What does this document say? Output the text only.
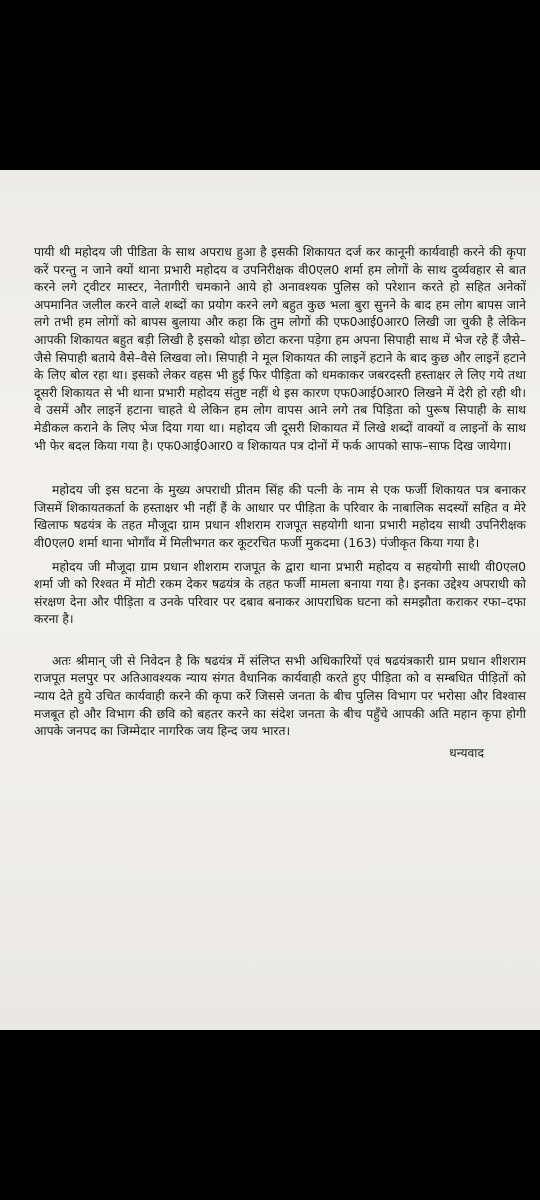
पायी थी महोदय जी पीडिता के साथ अपराध हुआ है इसकी शिकायत दर्ज कर कानूनी कार्यवाही करने की कृपा करें परन्तु न जाने क्यों थाना प्रभारी महोदय व उपनिरीक्षक वी0एल0 शर्मा हम लोगों के साथ दुर्व्यवहार से बात करने लगे ट्वीटर मास्टर, नेतागीरी चमकाने आये हो अनावश्यक पुलिस को परेशान करते हो सहित अनेकों अपमानित जलील करने वाले शब्दों का प्रयोग करने लगे बहुत कुछ भला बुरा सुनने के बाद हम लोग बापस जाने लगे तभी हम लोगों को बापस बुलाया और कहा कि तुम लोगों की एफ0आई0आर0 लिखी जा चुकी है लेकिन आपकी शिकायत बहुत बड़ी लिखी है इसको थोड़ा छोटा करना पड़ेगा हम अपना सिपाही साथ में भेज रहे हैं जैसे–जैसे सिपाही बताये वैसे–वैसे लिखवा लो। सिपाही ने मूल शिकायत की लाइनें हटाने के बाद कुछ और लाइनें हटाने के लिए बोल रहा था। इसको लेकर वहस भी हुई फिर पीड़िता को धमकाकर जबरदस्ती हस्ताक्षर ले लिए गये तथा दूसरी शिकायत से भी थाना प्रभारी महोदय संतुष्ट नहीं थे इस कारण एफ0आई0आर0 लिखने में देरी हो रही थी। वे उसमें और लाइनें हटाना चाहते थे लेकिन हम लोग वापस आने लगे तब पिड़िता को पुरूष सिपाही के साथ मेडीकल कराने के लिए भेज दिया गया था। महोदय जी दूसरी शिकायत में लिखे शब्दों वाक्यों व लाइनों के साथ भी फेर बदल किया गया है। एफ0आई0आर0 व शिकायत पत्र दोनों में फर्क आपको साफ–साफ दिख जायेगा।

महोदय जी इस घटना के मुख्य अपराधी प्रीतम सिंह की पत्नी के नाम से एक फर्जी शिकायत पत्र बनाकर जिसमें शिकायतकर्ता के हस्ताक्षर भी नहीं हैं के आधार पर पीड़िता के परिवार के नाबालिक सदस्यों सहित व मेरे खिलाफ षढयंत्र के तहत मौजूदा ग्राम प्रधान शीशराम राजपूत सहयोगी थाना प्रभारी महोदय साथी उपनिरीक्षक वी0एल0 शर्मा थाना भोगाँव में मिलीभगत कर कूटरचित फर्जी मुकदमा (163) पंजीकृत किया गया है।

महोदय जी मौजूदा ग्राम प्रधान शीशराम राजपूत के द्वारा थाना प्रभारी महोदय व सहयोगी साथी वी0एल0 शर्मा जी को रिश्वत में मोटी रकम देकर षढयंत्र के तहत फर्जी मामला बनाया गया है। इनका उद्देश्य अपराधी को संरक्षण देना और पीड़िता व उनके परिवार पर दबाव बनाकर आपराधिक घटना को समझौता कराकर रफा–दफा करना है।

अतः श्रीमान् जी से निवेदन है कि षढयंत्र में संलिप्त सभी अधिकारियों एवं षढयंत्रकारी ग्राम प्रधान शीशराम राजपूत मलपुर पर अतिआवश्यक न्याय संगत वैधानिक कार्यवाही करते हुए पीड़िता को व सम्बधित पीड़ितों को न्याय देते हुये उचित कार्यवाही करने की कृपा करें जिससे जनता के बीच पुलिस विभाग पर भरोसा और विश्वास मजबूत हो और विभाग की छवि को बहतर करने का संदेश जनता के बीच पहुँचे आपकी अति महान कृपा होगी आपके जनपद का जिम्मेदार नागरिक जय हिन्द जय भारत।

धन्यवाद
